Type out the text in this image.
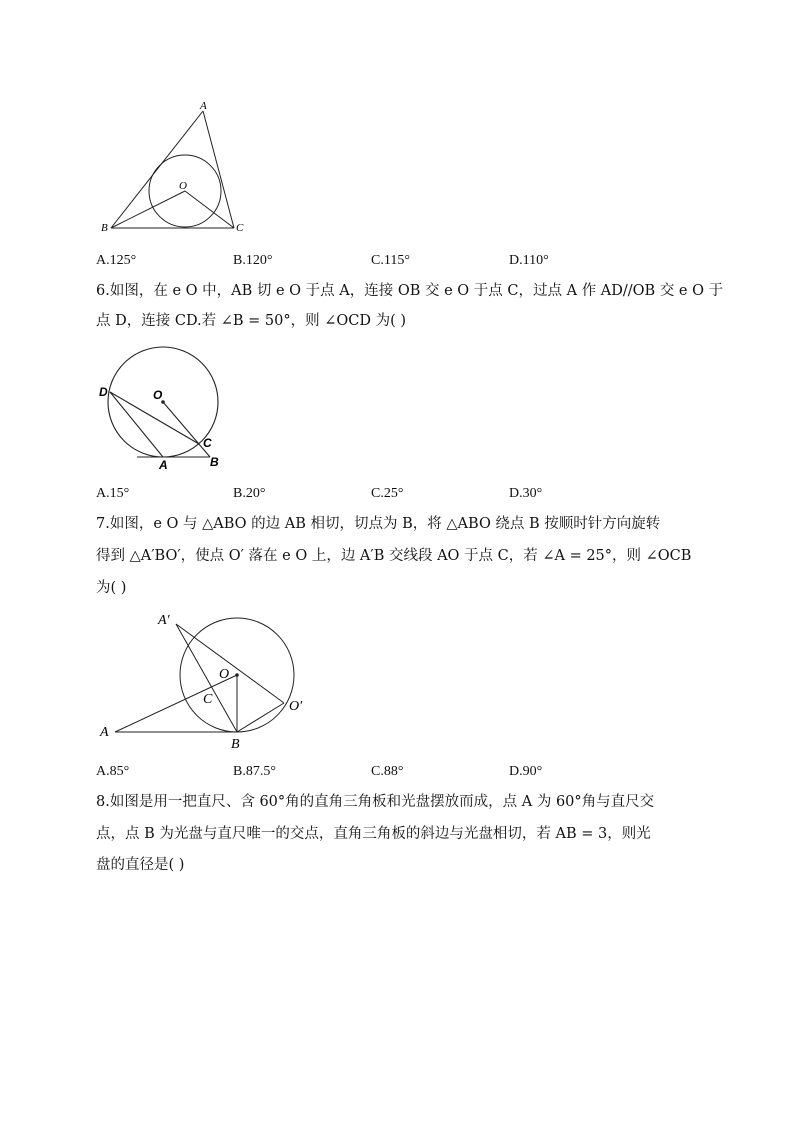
A
B	C
O
A.125°	B.120°	C.115°	D.110°
6.如图，在 e O 中，AB 切 e O 于点 A，连接 OB 交 e O 于点 C，过点 A 作 AD//OB 交 e O 于
点 D，连接 CD.若 ∠B = 50°，则 ∠OCD 为( )
D	O
C
A	B
A.15°	B.20°	C.25°	D.30°
7.如图，e O 与 △ABO 的边 AB 相切，切点为 B，将 △ABO 绕点 B 按顺时针方向旋转
得到 △A′BO′，使点 O′ 落在 e O 上，边 A′B 交线段 AO 于点 C，若 ∠A = 25°，则 ∠OCB
为( )
A′
O
C	O′
A
B
A.85°	B.87.5°	C.88°	D.90°
8.如图是用一把直尺、含 60°角的直角三角板和光盘摆放而成，点 A 为 60°角与直尺交
点，点 B 为光盘与直尺唯一的交点，直角三角板的斜边与光盘相切，若 AB = 3，则光
盘的直径是( )
